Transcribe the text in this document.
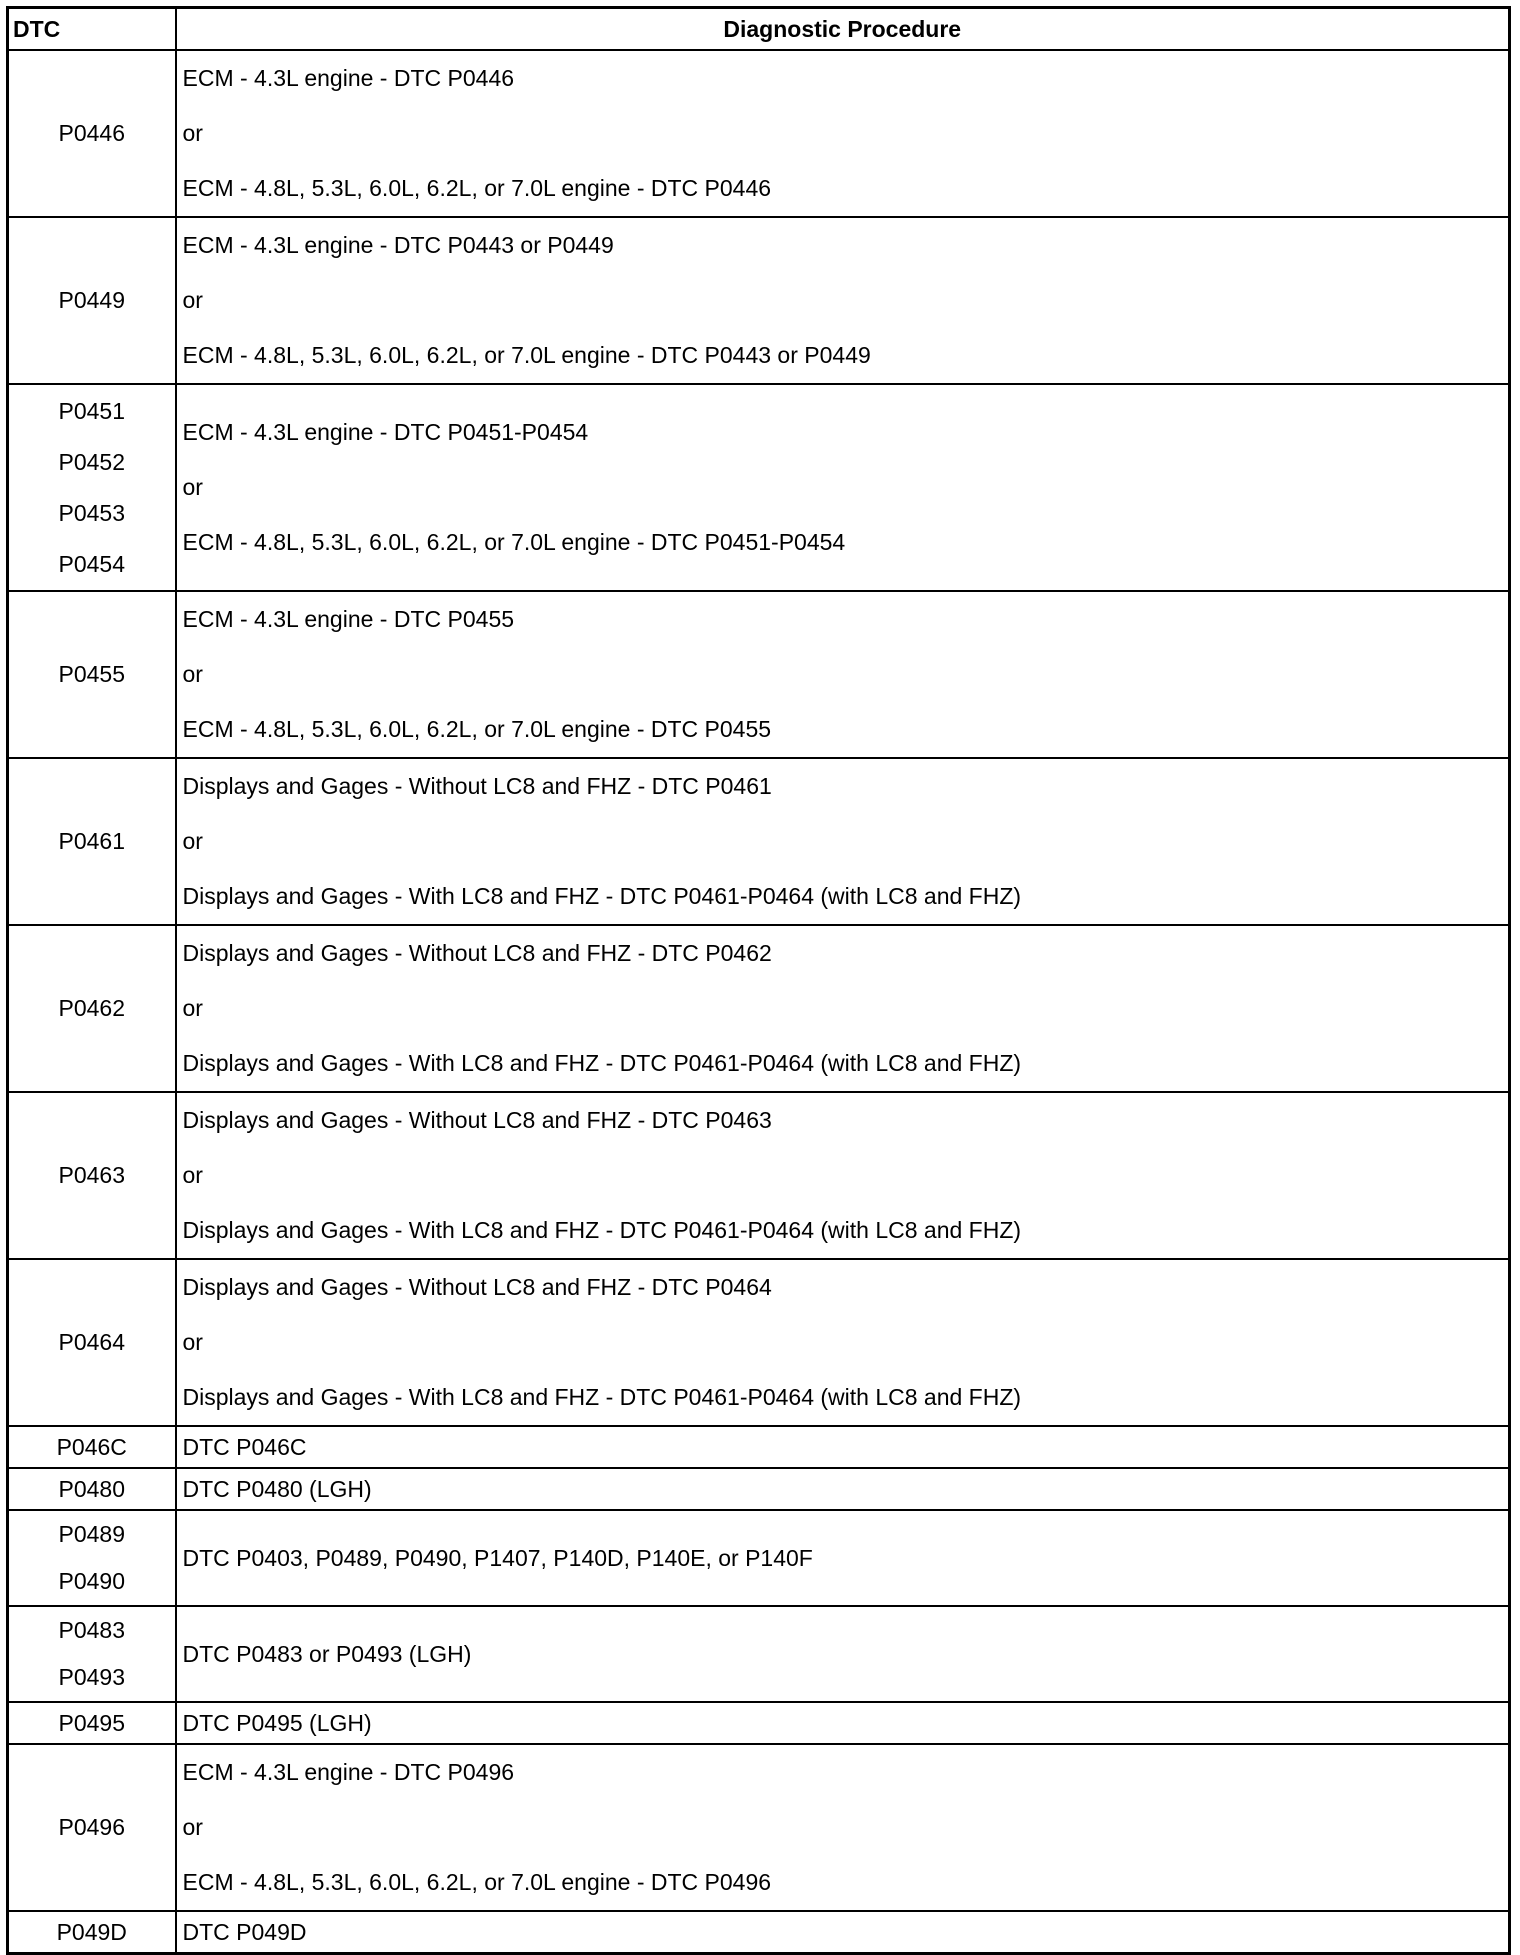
DTC	Diagnostic Procedure

P0446	ECM - 4.3L engine - DTC P0446
or
ECM - 4.8L, 5.3L, 6.0L, 6.2L, or 7.0L engine - DTC P0446

P0449	ECM - 4.3L engine - DTC P0443 or P0449
or
ECM - 4.8L, 5.3L, 6.0L, 6.2L, or 7.0L engine - DTC P0443 or P0449

P0451
P0452
P0453
P0454	ECM - 4.3L engine - DTC P0451-P0454
or
ECM - 4.8L, 5.3L, 6.0L, 6.2L, or 7.0L engine - DTC P0451-P0454

P0455	ECM - 4.3L engine - DTC P0455
or
ECM - 4.8L, 5.3L, 6.0L, 6.2L, or 7.0L engine - DTC P0455

P0461	Displays and Gages - Without LC8 and FHZ - DTC P0461
or
Displays and Gages - With LC8 and FHZ - DTC P0461-P0464 (with LC8 and FHZ)

P0462	Displays and Gages - Without LC8 and FHZ - DTC P0462
or
Displays and Gages - With LC8 and FHZ - DTC P0461-P0464 (with LC8 and FHZ)

P0463	Displays and Gages - Without LC8 and FHZ - DTC P0463
or
Displays and Gages - With LC8 and FHZ - DTC P0461-P0464 (with LC8 and FHZ)

P0464	Displays and Gages - Without LC8 and FHZ - DTC P0464
or
Displays and Gages - With LC8 and FHZ - DTC P0461-P0464 (with LC8 and FHZ)

P046C	DTC P046C

P0480	DTC P0480 (LGH)

P0489
P0490	DTC P0403, P0489, P0490, P1407, P140D, P140E, or P140F

P0483
P0493	DTC P0483 or P0493 (LGH)

P0495	DTC P0495 (LGH)

P0496	ECM - 4.3L engine - DTC P0496
or
ECM - 4.8L, 5.3L, 6.0L, 6.2L, or 7.0L engine - DTC P0496

P049D	DTC P049D
